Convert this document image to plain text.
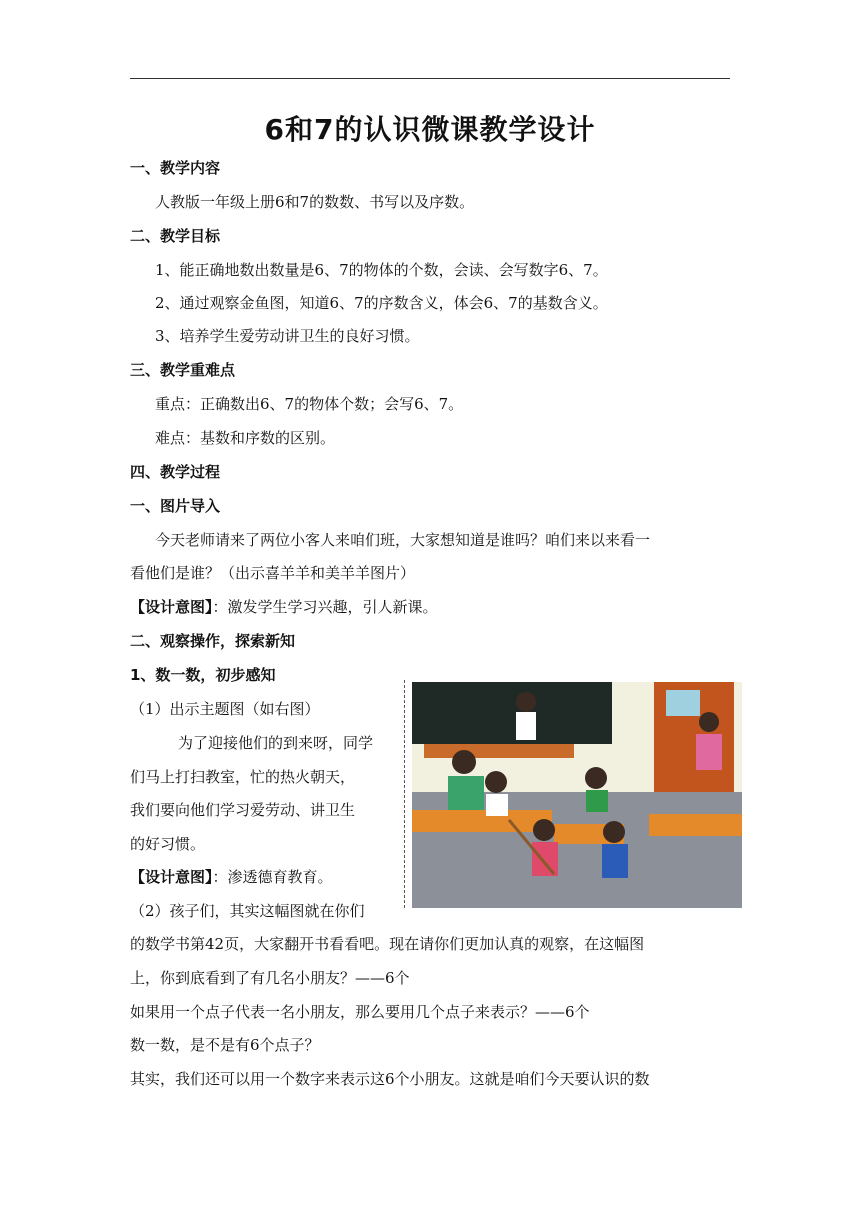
6和7的认识微课教学设计
一、教学内容
人教版一年级上册6和7的数数、书写以及序数。
二、教学目标
1、能正确地数出数量是6、7的物体的个数，会读、会写数字6、7。
2、通过观察金鱼图，知道6、7的序数含义，体会6、7的基数含义。
3、培养学生爱劳动讲卫生的良好习惯。
三、教学重难点
重点：正确数出6、7的物体个数；会写6、7。
难点：基数和序数的区别。
四、教学过程
一、图片导入
今天老师请来了两位小客人来咱们班，大家想知道是谁吗？咱们来以来看一
看他们是谁？（出示喜羊羊和美羊羊图片）
【设计意图】：激发学生学习兴趣，引人新课。
二、观察操作，探索新知
1、数一数，初步感知
（1）出示主题图（如右图）
为了迎接他们的到来呀，同学
们马上打扫教室，忙的热火朝天，
我们要向他们学习爱劳动、讲卫生
的好习惯。
【设计意图】：渗透德育教育。
（2）孩子们，其实这幅图就在你们
的数学书第42页，大家翻开书看看吧。现在请你们更加认真的观察，在这幅图
上，你到底看到了有几名小朋友？——6个
如果用一个点子代表一名小朋友，那么要用几个点子来表示？——6个
数一数，是不是有6个点子？
其实，我们还可以用一个数字来表示这6个小朋友。这就是咱们今天要认识的数
